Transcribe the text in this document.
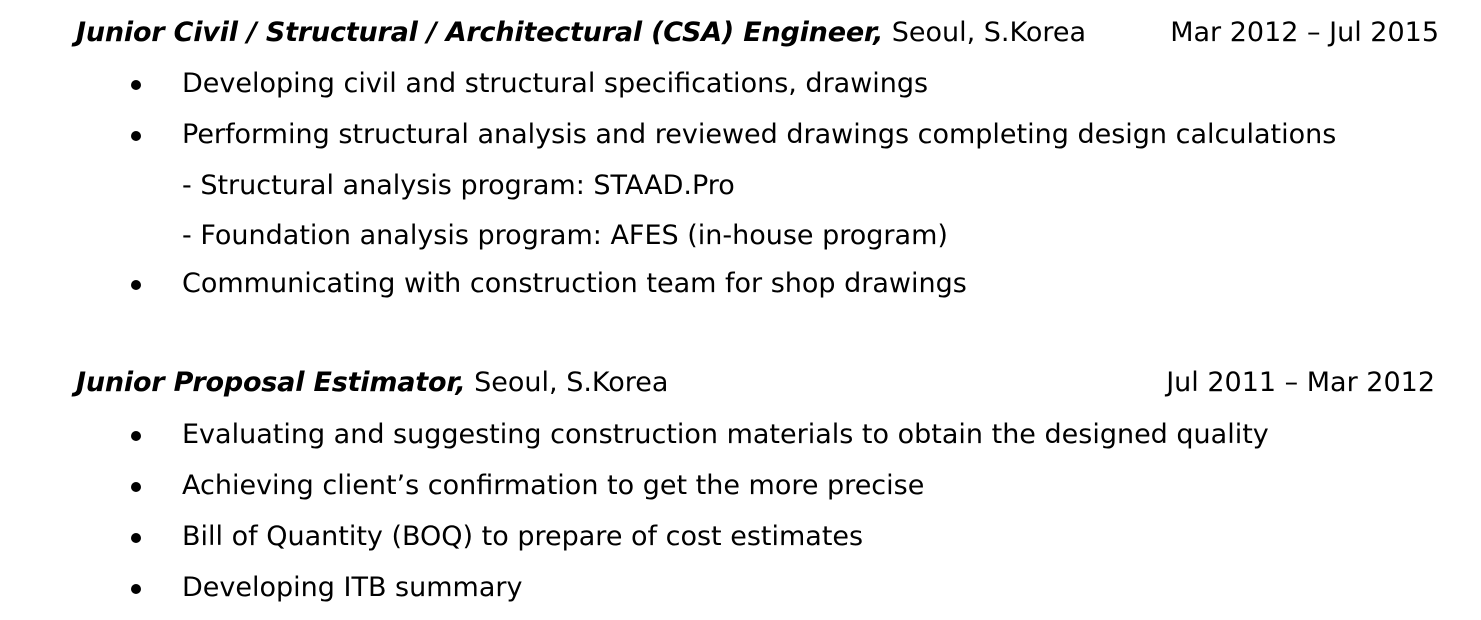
Junior Civil / Structural / Architectural (CSA) Engineer, Seoul, S.Korea	Mar 2012 – Jul 2015
Developing civil and structural specifications, drawings
Performing structural analysis and reviewed drawings completing design calculations
- Structural analysis program: STAAD.Pro
- Foundation analysis program: AFES (in-house program)
Communicating with construction team for shop drawings
Junior Proposal Estimator, Seoul, S.Korea	Jul 2011 – Mar 2012
Evaluating and suggesting construction materials to obtain the designed quality
Achieving client’s confirmation to get the more precise
Bill of Quantity (BOQ) to prepare of cost estimates
Developing ITB summary
